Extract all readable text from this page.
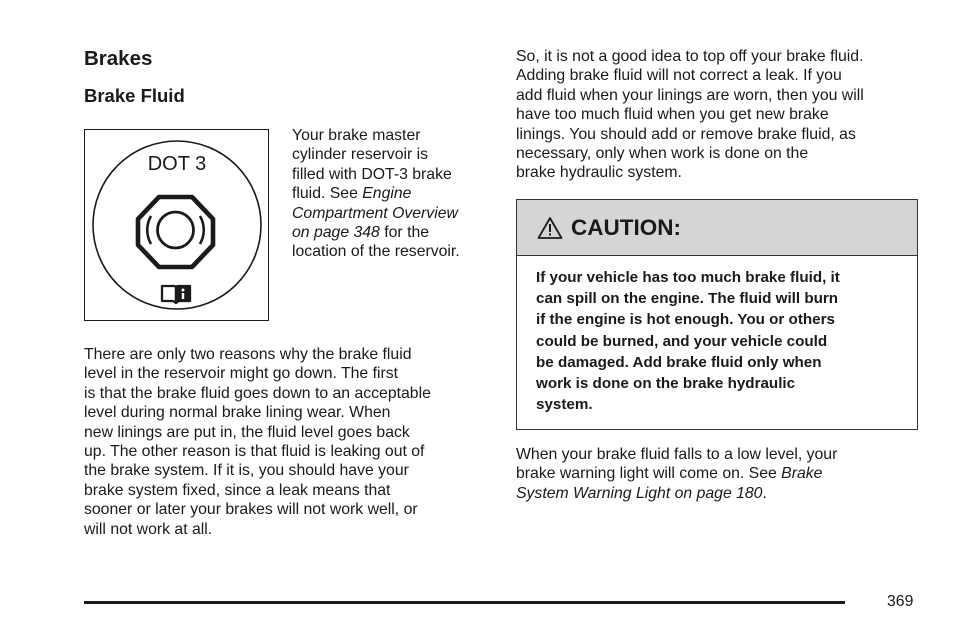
Brakes
Brake Fluid
DOT 3
Your brake master
cylinder reservoir is
filled with DOT-3 brake
fluid. See Engine
Compartment Overview
on page 348 for the
location of the reservoir.
There are only two reasons why the brake fluid
level in the reservoir might go down. The first
is that the brake fluid goes down to an acceptable
level during normal brake lining wear. When
new linings are put in, the fluid level goes back
up. The other reason is that fluid is leaking out of
the brake system. If it is, you should have your
brake system fixed, since a leak means that
sooner or later your brakes will not work well, or
will not work at all.
So, it is not a good idea to top off your brake fluid.
Adding brake fluid will not correct a leak. If you
add fluid when your linings are worn, then you will
have too much fluid when you get new brake
linings. You should add or remove brake fluid, as
necessary, only when work is done on the
brake hydraulic system.
CAUTION:
If your vehicle has too much brake fluid, it
can spill on the engine. The fluid will burn
if the engine is hot enough. You or others
could be burned, and your vehicle could
be damaged. Add brake fluid only when
work is done on the brake hydraulic
system.
When your brake fluid falls to a low level, your
brake warning light will come on. See Brake
System Warning Light on page 180.
369
